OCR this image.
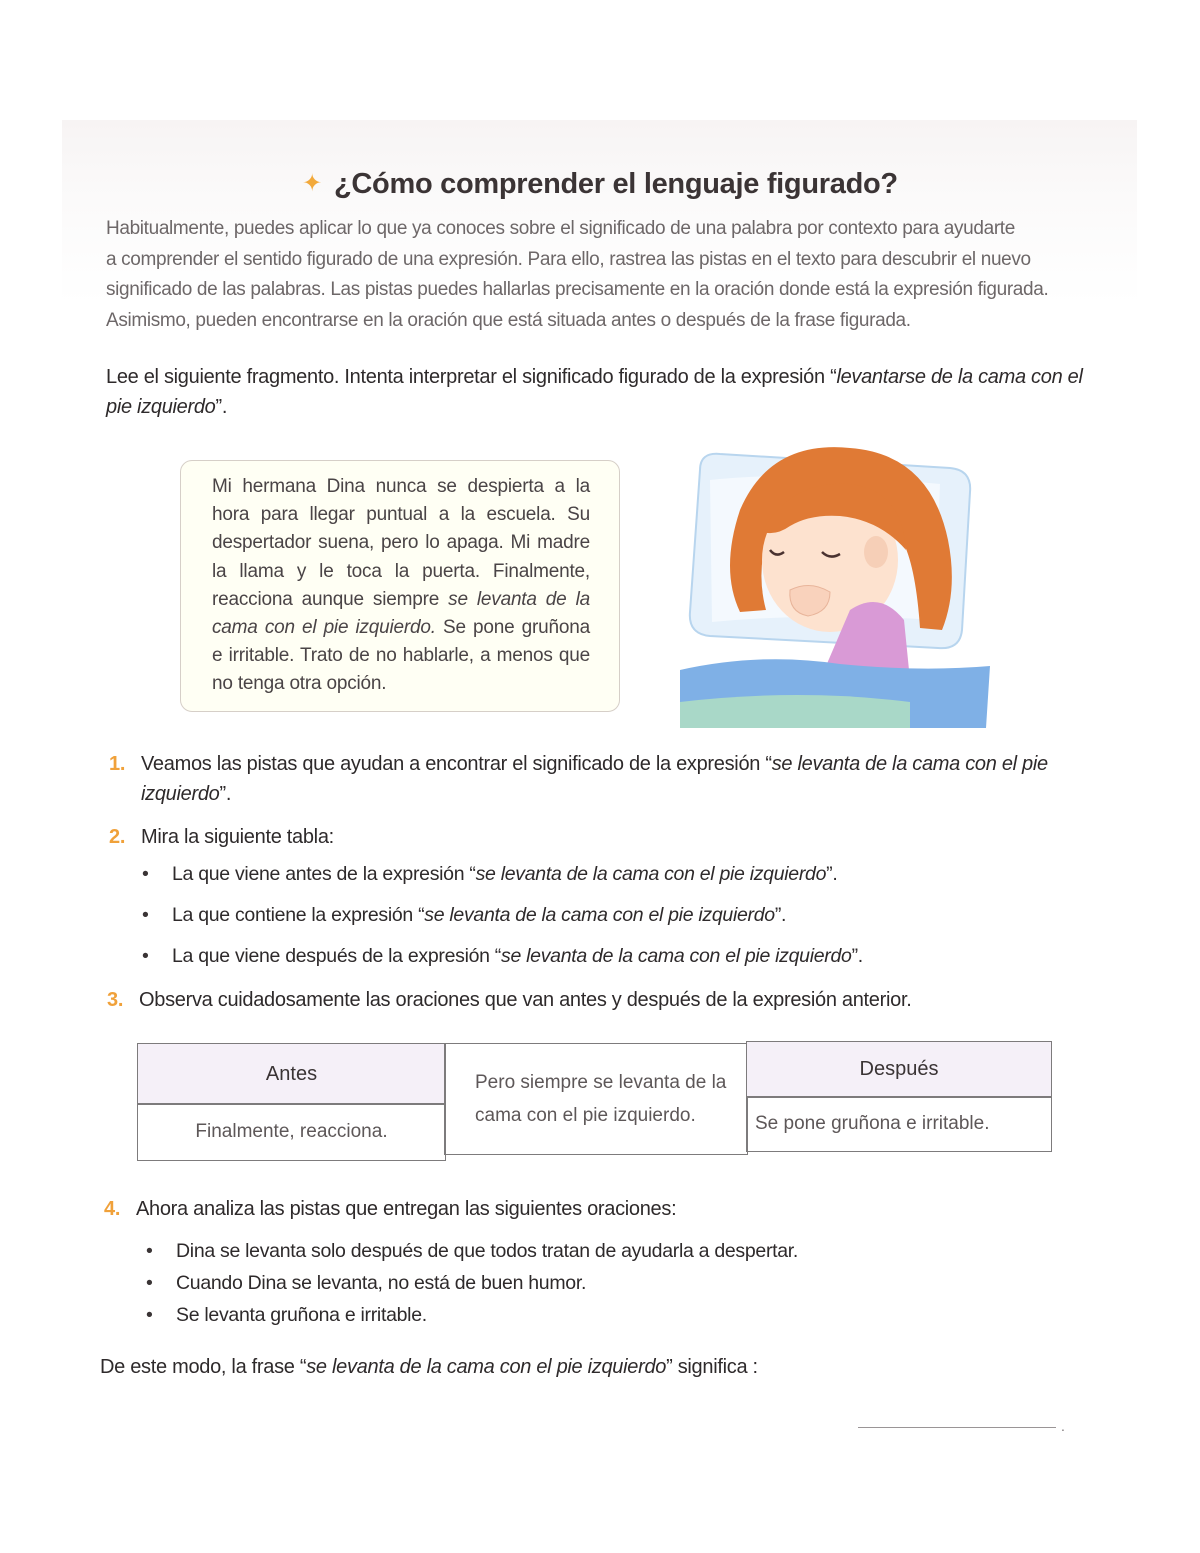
✦ ¿Cómo comprender el lenguaje figurado?
Habitualmente, puedes aplicar lo que ya conoces sobre el significado de una palabra por contexto para ayudarte
a comprender el sentido figurado de una expresión. Para ello, rastrea las pistas en el texto para descubrir el nuevo
significado de las palabras. Las pistas puedes hallarlas precisamente en la oración donde está la expresión figurada.
Asimismo, pueden encontrarse en la oración que está situada antes o después de la frase figurada.
Lee el siguiente fragmento. Intenta interpretar el significado figurado de la expresión “levantarse de la cama con el pie izquierdo”.
Mi hermana Dina nunca se despierta a la hora para llegar puntual a la escuela. Su despertador suena, pero lo apaga. Mi madre la llama y le toca la puerta. Finalmente, reacciona aunque siempre se levanta de la cama con el pie izquierdo. Se pone gruñona e irritable. Trato de no hablarle, a menos que no tenga otra opción.
1. Veamos las pistas que ayudan a encontrar el significado de la expresión “se levanta de la cama con el pie izquierdo”.
2. Mira la siguiente tabla:
• La que viene antes de la expresión “se levanta de la cama con el pie izquierdo”.
• La que contiene la expresión “se levanta de la cama con el pie izquierdo”.
• La que viene después de la expresión “se levanta de la cama con el pie izquierdo”.
3. Observa cuidadosamente las oraciones que van antes y después de la expresión anterior.
Antes
Finalmente, reacciona.
Pero siempre se levanta de la
cama con el pie izquierdo.
Después
Se pone gruñona e irritable.
4. Ahora analiza las pistas que entregan las siguientes oraciones:
• Dina se levanta solo después de que todos tratan de ayudarla a despertar.
• Cuando Dina se levanta, no está de buen humor.
• Se levanta gruñona e irritable.
De este modo, la frase “se levanta de la cama con el pie izquierdo” significa :
.
